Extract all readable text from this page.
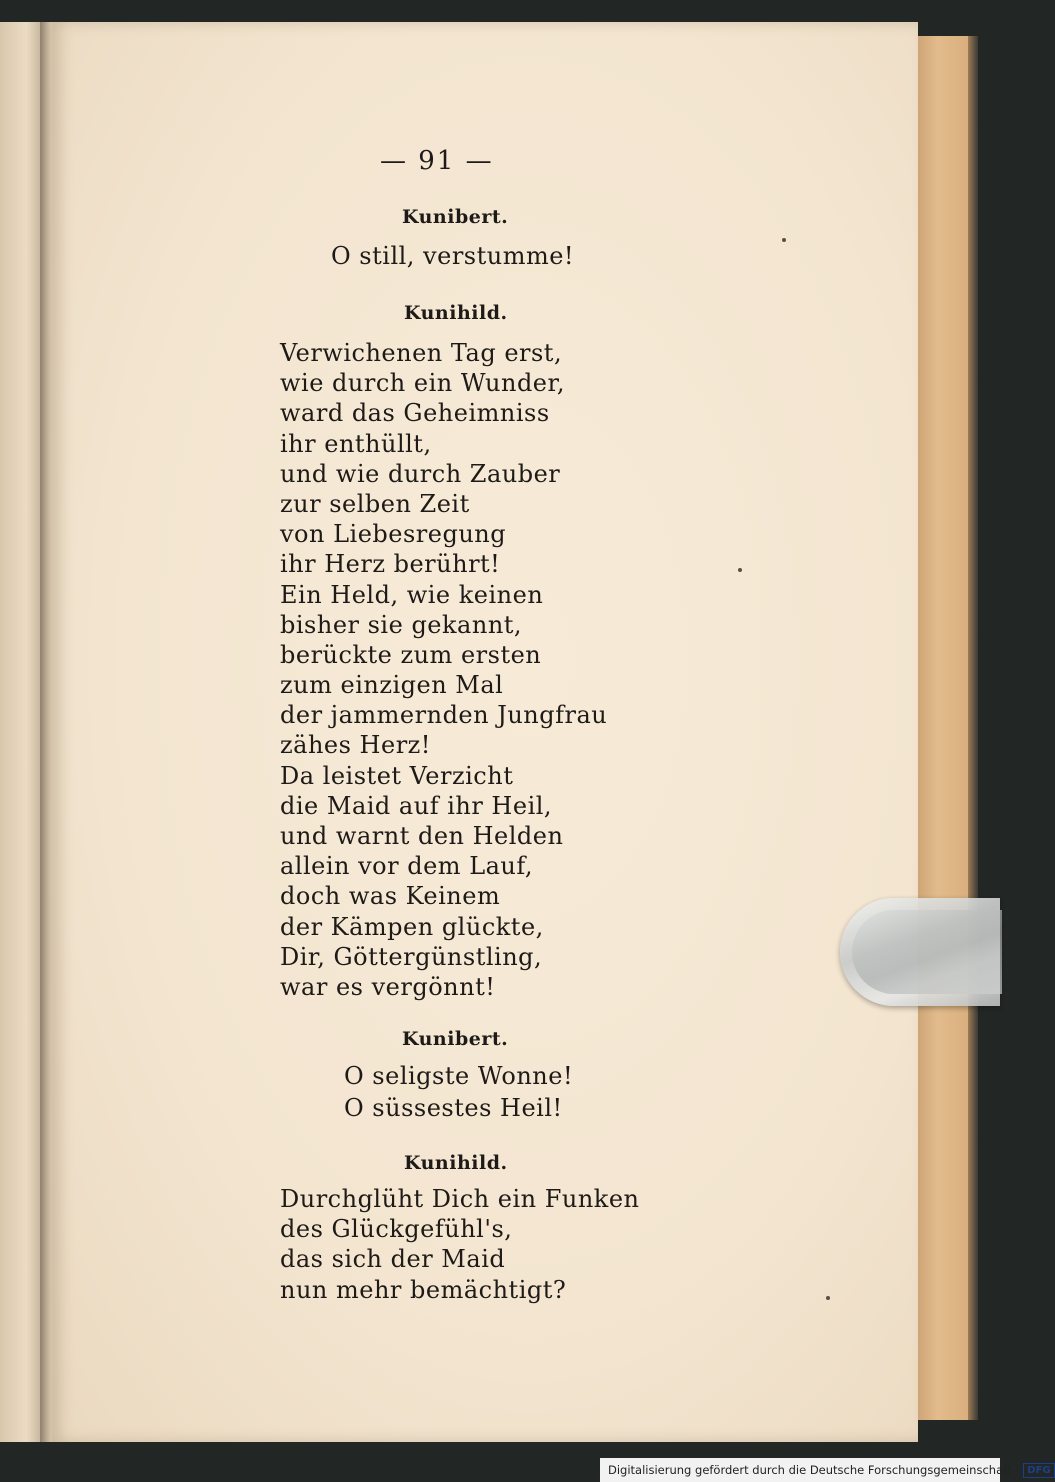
— 91 —
Kunibert.
O still, verstumme!
Kunihild.
Verwichenen Tag erst,
wie durch ein Wunder,
ward das Geheimniss
ihr enthüllt,
und wie durch Zauber
zur selben Zeit
von Liebesregung
ihr Herz berührt!
Ein Held, wie keinen
bisher sie gekannt,
berückte zum ersten
zum einzigen Mal
der jammernden Jungfrau
zähes Herz!
Da leistet Verzicht
die Maid auf ihr Heil,
und warnt den Helden
allein vor dem Lauf,
doch was Keinem
der Kämpen glückte,
Dir, Göttergünstling,
war es vergönnt!
Kunibert.
O seligste Wonne!
O süssestes Heil!
Kunihild.
Durchglüht Dich ein Funken
des Glückgefühl's,
das sich der Maid
nun mehr bemächtigt?
Digitalisierung gefördert durch die Deutsche Forschungsgemeinschaft - DFG
